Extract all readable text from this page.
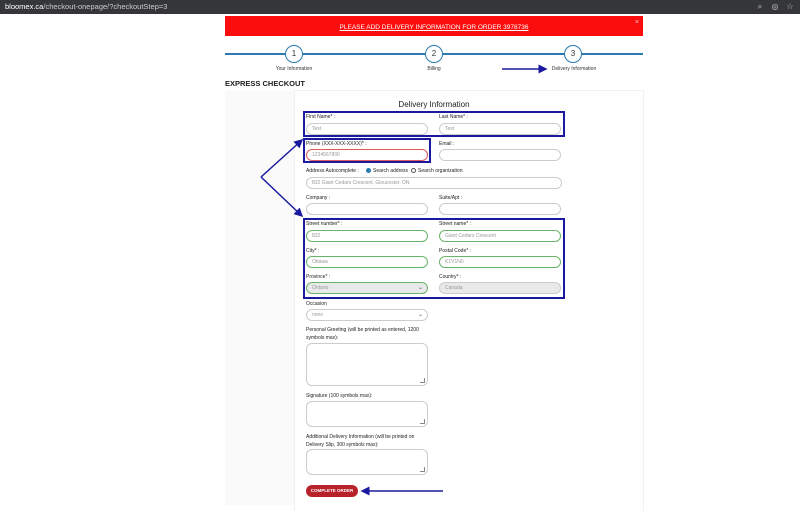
bloomex.ca/checkout-onepage/?checkoutStep=3	⌕	◎ ☆
PLEASE ADD DELIVERY INFORMATION FOR ORDER 3978736
×
1	2	3
Your Information	Billing	Delivery Information
EXPRESS CHECKOUT
Delivery Information
First Name* :
Test
Last Name* :
Test
Phone (XXX-XXX-XXXX)* :
1234567890
Email :
Address Autocomplete :	Search address	Search organization
832 Giant Cedars Crescent, Gloucester, ON
Company :	Suite/Apt :
Street number* :
832
Street name* :
Giant Cedars Crescent
City* :
Ottawa
Postal Code* :
K1V1N0
Province* :
Ontario	⌄
Country* :
Canada
Occasion
none	⌄
Personal Greeting (will be printed as entered, 1200 symbols max):
Signature (100 symbols max):
Additional Delivery Information (will be printed on Delivery Slip, 300 symbols max):
COMPLETE ORDER
